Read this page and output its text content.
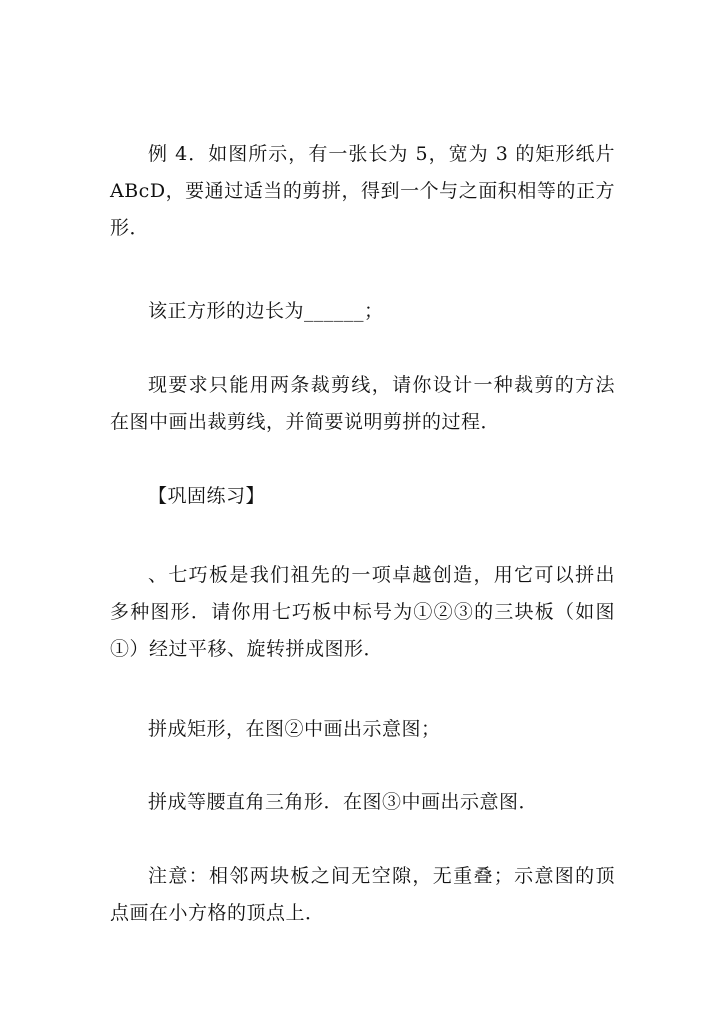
例 4．如图所示，有一张长为 5，宽为 3 的矩形纸片 ABcD，要通过适当的剪拼，得到一个与之面积相等的正方形．

该正方形的边长为______；

现要求只能用两条裁剪线，请你设计一种裁剪的方法在图中画出裁剪线，并简要说明剪拼的过程．

【巩固练习】

、七巧板是我们祖先的一项卓越创造，用它可以拼出多种图形．请你用七巧板中标号为①②③的三块板（如图①）经过平移、旋转拼成图形．

拼成矩形，在图②中画出示意图；

拼成等腰直角三角形．在图③中画出示意图．

注意：相邻两块板之间无空隙，无重叠；示意图的顶点画在小方格的顶点上．
